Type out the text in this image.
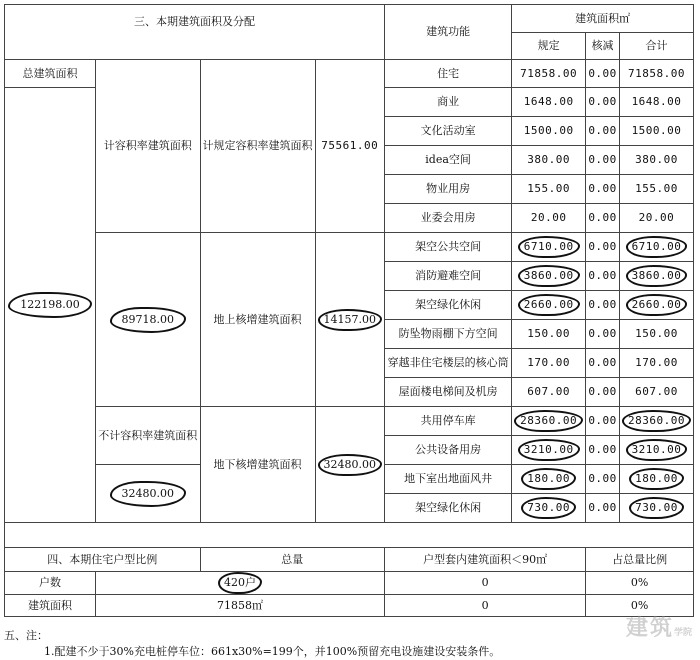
三、本期建筑面积及分配				建筑功能	建筑面积㎡		
					规定	核减	合计
总建筑面积	计容积率建筑面积	计规定容积率建筑面积	75561.00	住宅	71858.00	0.00	71858.00
122198.00				商业	1648.00	0.00	1648.00
				文化活动室	1500.00	0.00	1500.00
				idea空间	380.00	0.00	380.00
				物业用房	155.00	0.00	155.00
				业委会用房	20.00	0.00	20.00
	89718.00	地上核增建筑面积	14157.00	架空公共空间	6710.00	0.00	6710.00
				消防避难空间	3860.00	0.00	3860.00
				架空绿化休闲	2660.00	0.00	2660.00
				防坠物雨棚下方空间	150.00	0.00	150.00
				穿越非住宅楼层的核心筒	170.00	0.00	170.00
				屋面楼电梯间及机房	607.00	0.00	607.00
	不计容积率建筑面积	地下核增建筑面积	32480.00	共用停车库	28360.00	0.00	28360.00
				公共设备用房	3210.00	0.00	3210.00
	32480.00			地下室出地面风井	180.00	0.00	180.00
				架空绿化休闲	730.00	0.00	730.00

四、本期住宅户型比例		总量		户型套内建筑面积＜90㎡		占总量比例	
户数	420户			0		0%	
建筑面积	71858㎡			0		0%	
五、注：
1.配建不少于30%充电桩停车位：661x30%=199个，并100%预留充电设施建设安装条件。
建筑学院
